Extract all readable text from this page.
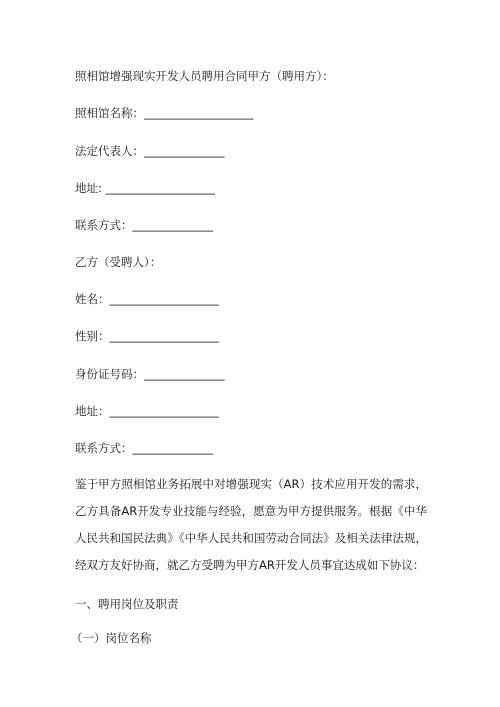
照相馆增强现实开发人员聘用合同甲方（聘用方）：
照相馆名称：___________________
法定代表人：______________
地址: ___________________
联系方式：______________
乙方（受聘人）：
姓名：___________________
性别：___________________
身份证号码：______________
地址：___________________
联系方式：______________
鉴于甲方照相馆业务拓展中对增强现实（AR）技术应用开发的需求，乙方具备AR开发专业技能与经验，愿意为甲方提供服务。根据《中华人民共和国民法典》《中华人民共和国劳动合同法》及相关法律法规，经双方友好协商，就乙方受聘为甲方AR开发人员事宜达成如下协议：
一、聘用岗位及职责
（一）岗位名称
